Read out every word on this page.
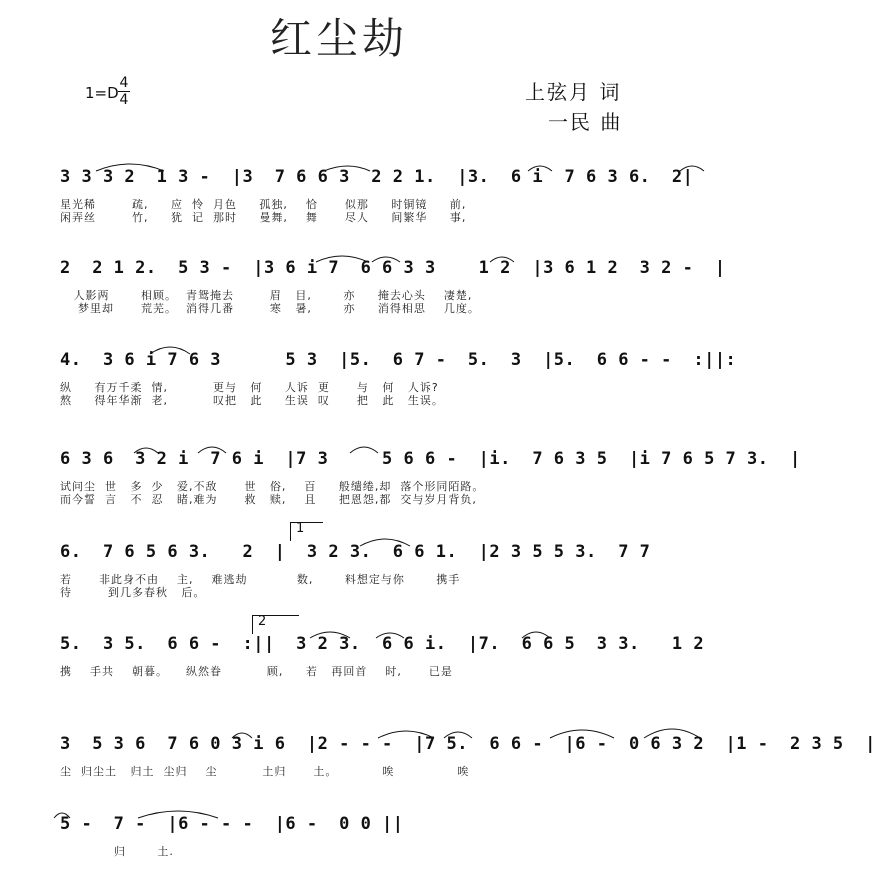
红尘劫
1=D
4
4	上弦月 词
一民 曲
3 3 3 2  1 3 -  |3  7 6 6 3  2 2 1.  |3.  6 i  7 6 3 6.  2|
星光稀        疏,     应  怜  月色     孤独,    恰      似那     时铜镜     前,
闲弄丝        竹,     犹  记  那时     曼舞,    舞      尽人     间繁华     事,
2  2 1 2.  5 3 -  |3 6 i 7  6 6 3 3    1 2  |3 6 1 2  3 2 -  |
人影两       相顾。  青鸳掩去        眉   目,       亦     掩去心头    凄楚,
梦里却      荒芜。  消得几番        寒   暑,       亦     消得相思    几度。
4.  3 6 i 7 6 3      5 3  |5.  6 7 -  5.  3  |5.  6 6 - -  :||:
纵     有万千柔  情,          更与   何     人诉  更      与   何   人诉?
熬     得年华渐  老,          叹把   此     生误  叹      把   此   生误。
6 3 6  3 2 i  7 6 i  |7 3     5 6 6 -  |i.  7 6 3 5  |i 7 6 5 7 3.  |
试问尘  世   多  少   爱,不敌      世   俗,    百     般缱绻,却  落个形同陌路。
而今誓  言   不  忍   睹,难为      救   赎,    且     把恩怨,都  交与岁月背负,
1
6.  7 6 5 6 3.   2  |  3 2 3.  6 6 1.  |2 3 5 5 3.  7 7
若      非此身不由    主,    难逃劫           数,       料想定与你       携手
待        到几多春秋   后。
2
5.  3 5.  6 6 -  :||  3 2 3.  6 6 i.  |7.  6 6 5  3 3.   1 2
携    手共    朝暮。    纵然眷          顾,     若   再回首    时,      已是
3  5 3 6  7 6 0 3 i 6  |2 - - -  |7 5.  6 6 -  |6 -  0 6 3 2  |1 -  2 3 5  |
尘  归尘土   归土  尘归    尘          土归      土。          唉              唉
5 -  7 -  |6 - - -  |6 -  0 0 ||
归       土.
